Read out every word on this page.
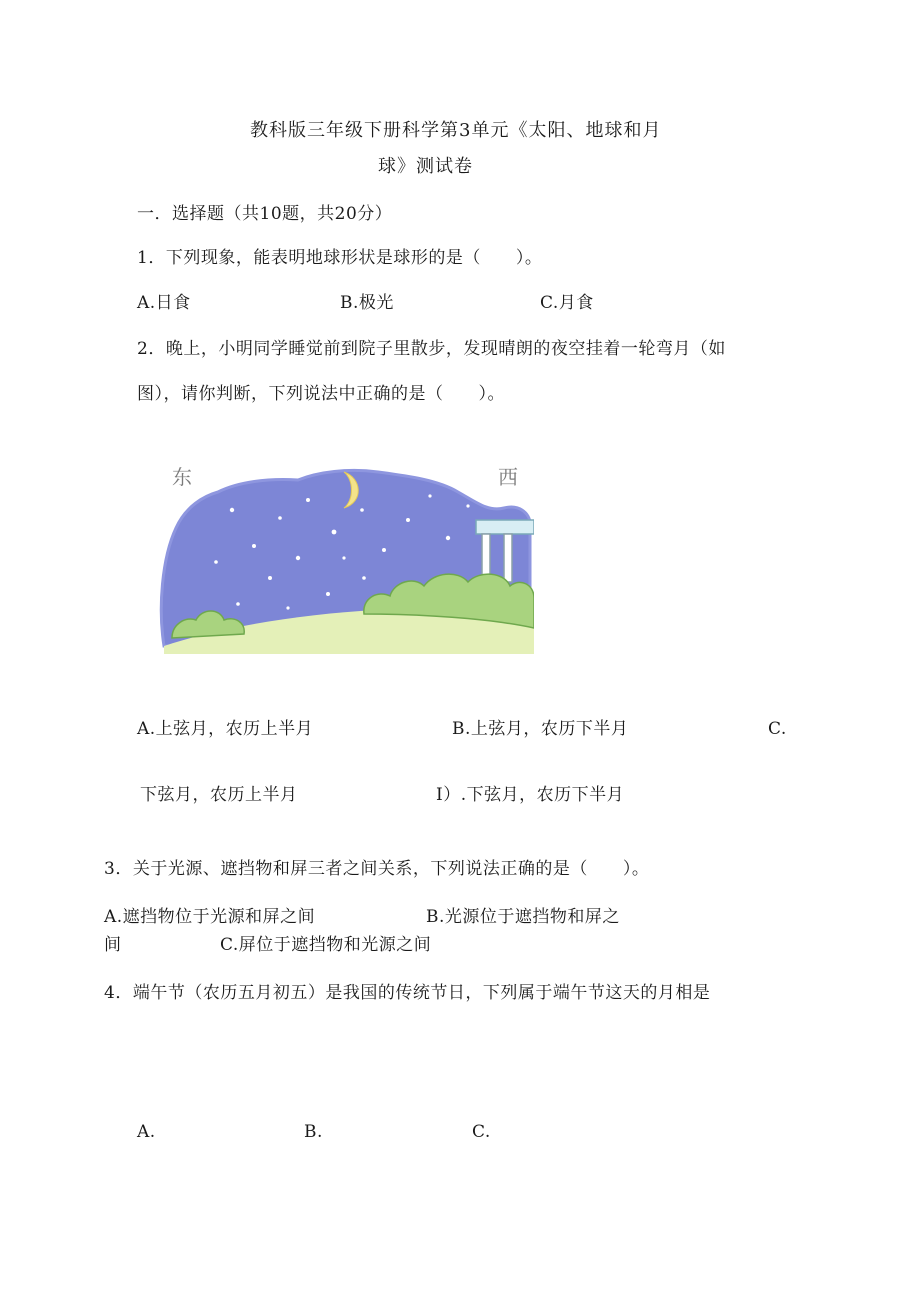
教科版三年级下册科学第3单元《太阳、地球和月
球》测试卷
一．选择题（共10题，共20分）
1．下列现象，能表明地球形状是球形的是（　　）。
A.日食	B.极光	C.月食
2．晚上，小明同学睡觉前到院子里散步，发现晴朗的夜空挂着一轮弯月（如
图），请你判断，下列说法中正确的是（　　）。
东	西
A.上弦月，农历上半月	B.上弦月，农历下半月	C.
下弦月，农历上半月	I）.下弦月，农历下半月
3．关于光源、遮挡物和屏三者之间关系，下列说法正确的是（　　）。
A.遮挡物位于光源和屏之间	B.光源位于遮挡物和屏之
间	C.屏位于遮挡物和光源之间
4．端午节（农历五月初五）是我国的传统节日，下列属于端午节这天的月相是
A.	B.	C.
